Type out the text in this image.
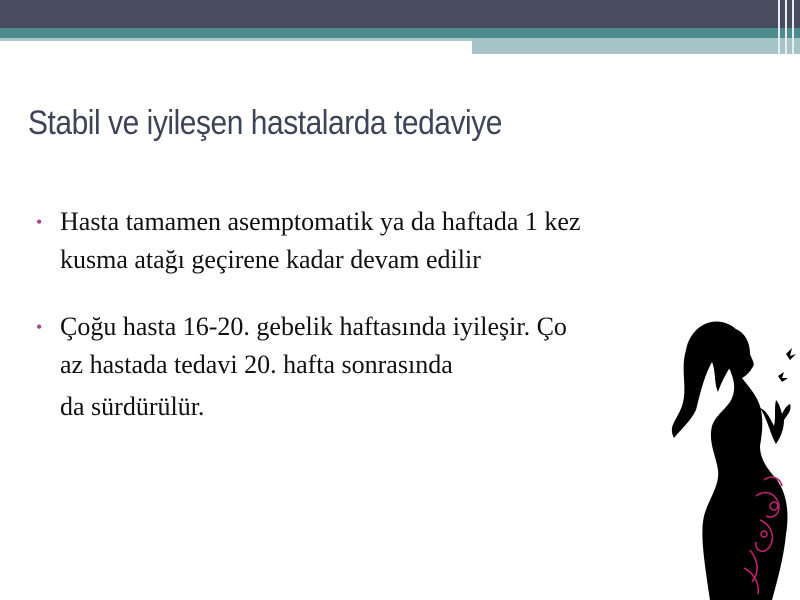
Stabil ve iyileşen hastalarda tedaviye
• Hasta tamamen asemptomatik ya da haftada 1 kez

kusma atağı geçirene kadar devam edilir

• Çoğu hasta 16-20. gebelik haftasında iyileşir. Ço

az hastada tedavi 20. hafta sonrasında

da sürdürülür.
